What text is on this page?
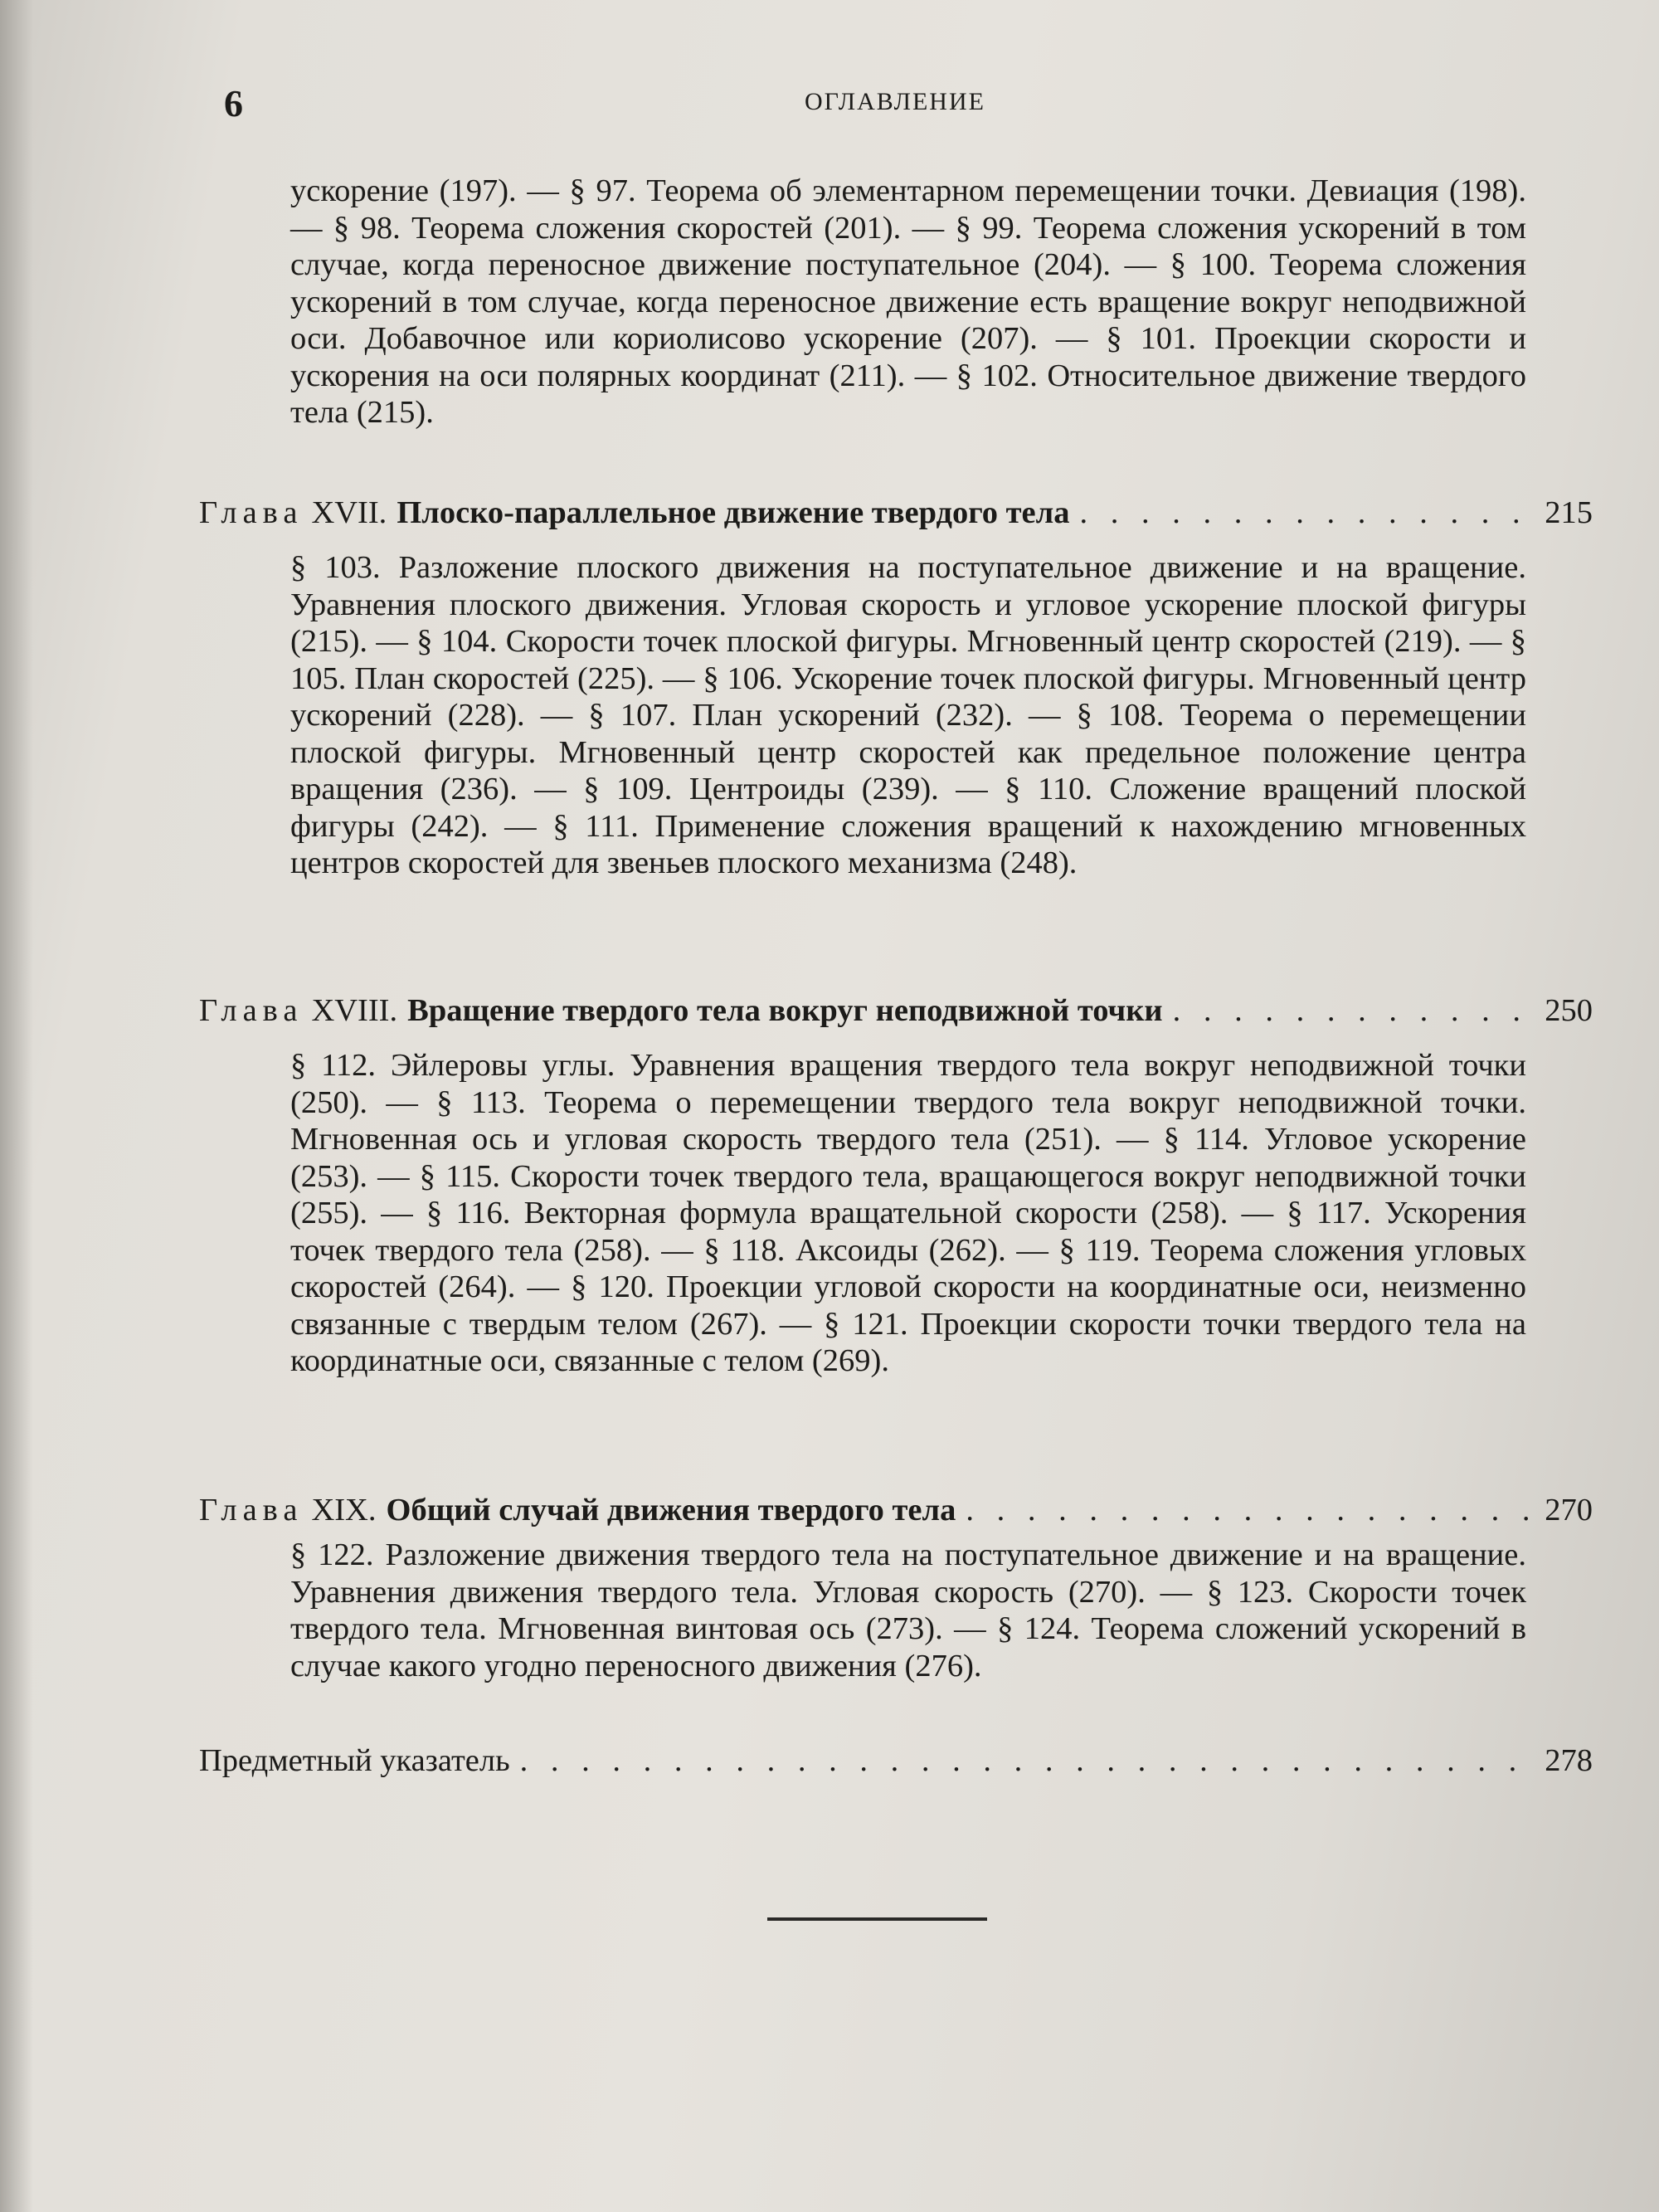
6	ОГЛАВЛЕНИЕ

ускорение (197). — § 97. Теорема об элементарном перемещении точки. Девиация (198). — § 98. Теорема сложения скоростей (201). — § 99. Теорема сложения ускорений в том случае, когда переносное движение поступательное (204). — § 100. Теорема сложения ускорений в том случае, когда переносное движение есть вращение вокруг неподвижной оси. Добавочное или кориолисово ускорение (207). — § 101. Проекции скорости и ускорения на оси полярных координат (211). — § 102. Относительное движение твердого тела (215).

Глава XVII. Плоско-параллельное движение твердого тела . . .	215

§ 103. Разложение плоского движения на поступательное движение и на вращение. Уравнения плоского движения. Угловая скорость и угловое ускорение плоской фигуры (215). — § 104. Скорости точек плоской фигуры. Мгновенный центр скоростей (219). — § 105. План скоростей (225). — § 106. Ускорение точек плоской фигуры. Мгновенный центр ускорений (228). — § 107. План ускорений (232). — § 108. Теорема о перемещении плоской фигуры. Мгновенный центр скоростей как предельное положение центра вращения (236). — § 109. Центроиды (239). — § 110. Сложение вращений плоской фигуры (242). — § 111. Применение сложения вращений к нахождению мгновенных центров скоростей для звеньев плоского механизма (248).

Глава XVIII. Вращение твердого тела вокруг неподвижной точки . . .	250

§ 112. Эйлеровы углы. Уравнения вращения твердого тела вокруг неподвижной точки (250). — § 113. Теорема о перемещении твердого тела вокруг неподвижной точки. Мгновенная ось и угловая скорость твердого тела (251). — § 114. Угловое ускорение (253). — § 115. Скорости точек твердого тела, вращающегося вокруг неподвижной точки (255). — § 116. Векторная формула вращательной скорости (258). — § 117. Ускорения точек твердого тела (258). — § 118. Аксоиды (262). — § 119. Теорема сложения угловых скоростей (264). — § 120. Проекции угловой скорости на координатные оси, неизменно связанные с твердым телом (267). — § 121. Проекции скорости точки твердого тела на координатные оси, связанные с телом (269).

Глава XIX. Общий случай движения твердого тела . . .	270

§ 122. Разложение движения твердого тела на поступательное движение и на вращение. Уравнения движения твердого тела. Угловая скорость (270). — § 123. Скорости точек твердого тела. Мгновенная винтовая ось (273). — § 124. Теорема сложений ускорений в случае какого угодно переносного движения (276).

Предметный указатель . . .	278
